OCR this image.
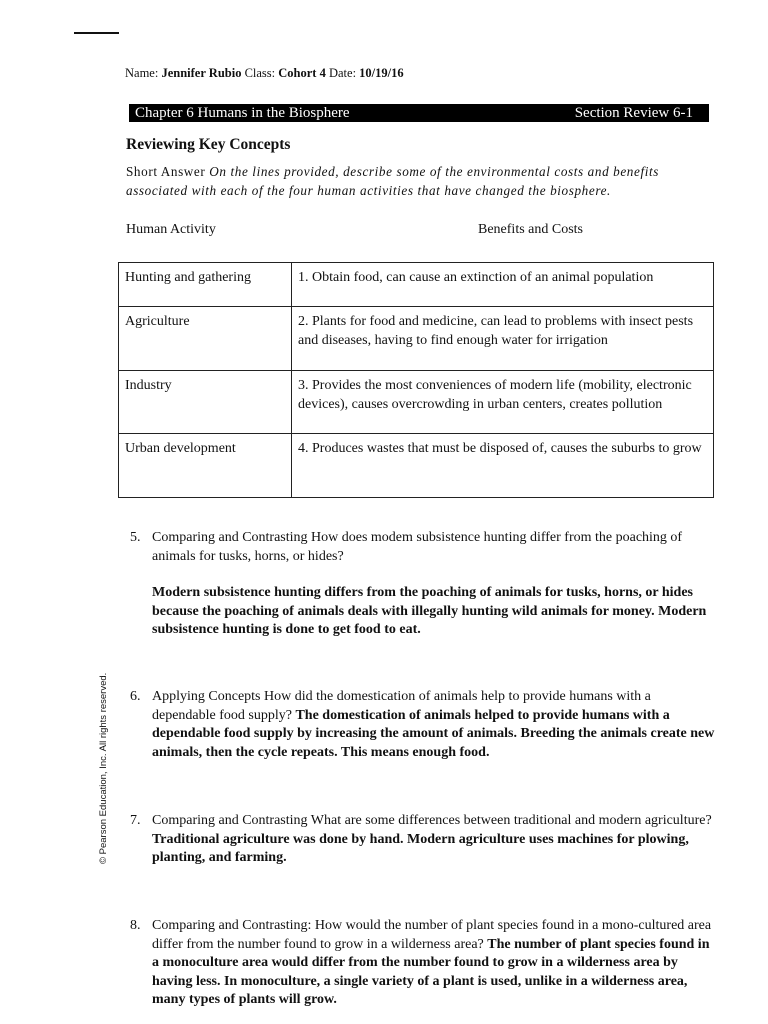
Name: Jennifer Rubio Class: Cohort 4 Date: 10/19/16
Chapter 6 Humans in the Biosphere	Section Review 6-1
Reviewing Key Concepts
Short Answer On the lines provided, describe some of the environmental costs and benefits associated with each of the four human activities that have changed the biosphere.
Human Activity	Benefits and Costs
Hunting and gathering	1. Obtain food, can cause an extinction of an animal population
Agriculture	2. Plants for food and medicine, can lead to problems with insect pests and diseases, having to find enough water for irrigation
Industry	3. Provides the most conveniences of modern life (mobility, electronic devices), causes overcrowding in urban centers, creates pollution
Urban development	4. Produces wastes that must be disposed of, causes the suburbs to grow
5. Comparing and Contrasting How does modem subsistence hunting differ from the poaching of animals for tusks, horns, or hides?
Modern subsistence hunting differs from the poaching of animals for tusks, horns, or hides because the poaching of animals deals with illegally hunting wild animals for money. Modern subsistence hunting is done to get food to eat.
6. Applying Concepts How did the domestication of animals help to provide humans with a dependable food supply? The domestication of animals helped to provide humans with a dependable food supply by increasing the amount of animals. Breeding the animals create new animals, then the cycle repeats. This means enough food.
7. Comparing and Contrasting What are some differences between traditional and modern agriculture? Traditional agriculture was done by hand. Modern agriculture uses machines for plowing, planting, and farming.
8. Comparing and Contrasting: How would the number of plant species found in a mono-cultured area differ from the number found to grow in a wilderness area? The number of plant species found in a monoculture area would differ from the number found to grow in a wilderness area by having less. In monoculture, a single variety of a plant is used, unlike in a wilderness area, many types of plants will grow.
© Pearson Education, Inc. All rights reserved.
